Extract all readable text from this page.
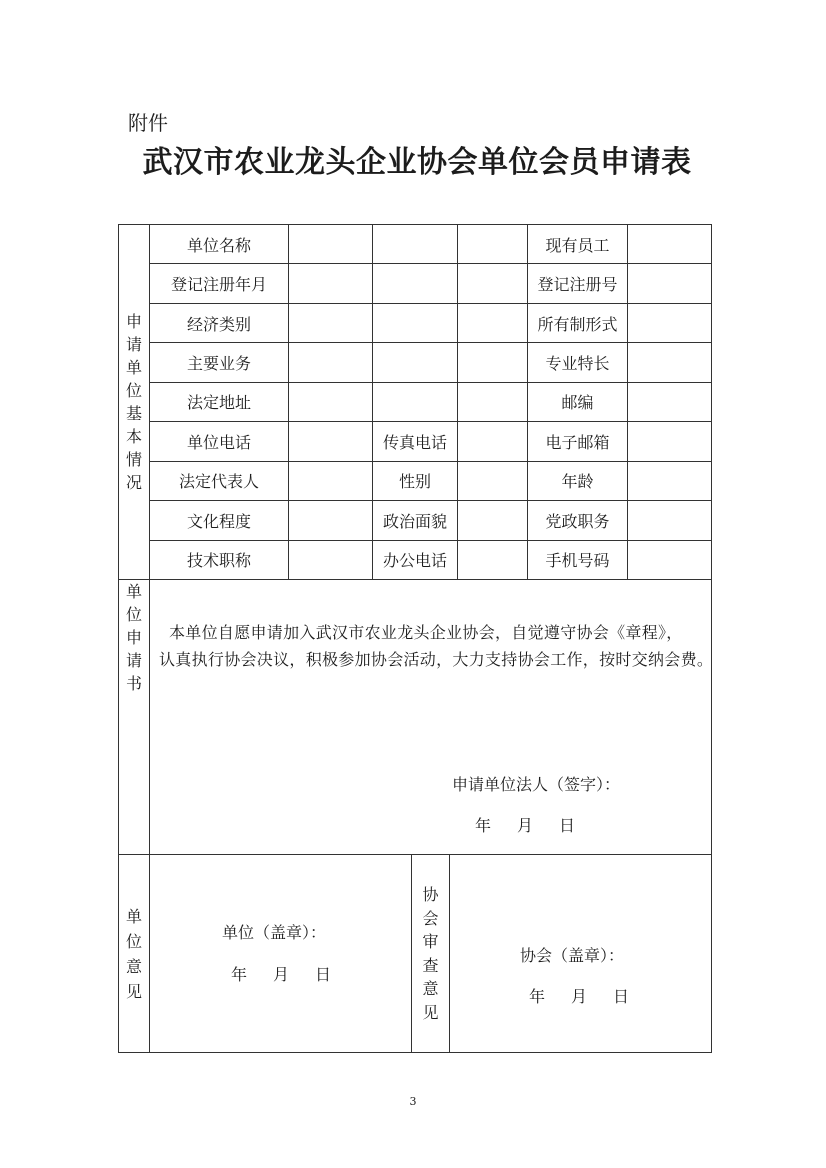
附件
武汉市农业龙头企业协会单位会员申请表
申请单位基本情况
单位名称	现有员工
登记注册年月	登记注册号
经济类别	所有制形式
主要业务	专业特长
法定地址	邮编
单位电话	传真电话	电子邮箱
法定代表人	性别	年龄
文化程度	政治面貌	党政职务
技术职称	办公电话	手机号码
单位申请书
本单位自愿申请加入武汉市农业龙头企业协会，自觉遵守协会《章程》，
认真执行协会决议，积极参加协会活动，大力支持协会工作，按时交纳会费。
申请单位法人（签字）：
年 月 日
单位意见
单位（盖章）：
年 月 日
协会审查意见
协会（盖章）：
年 月 日
3
